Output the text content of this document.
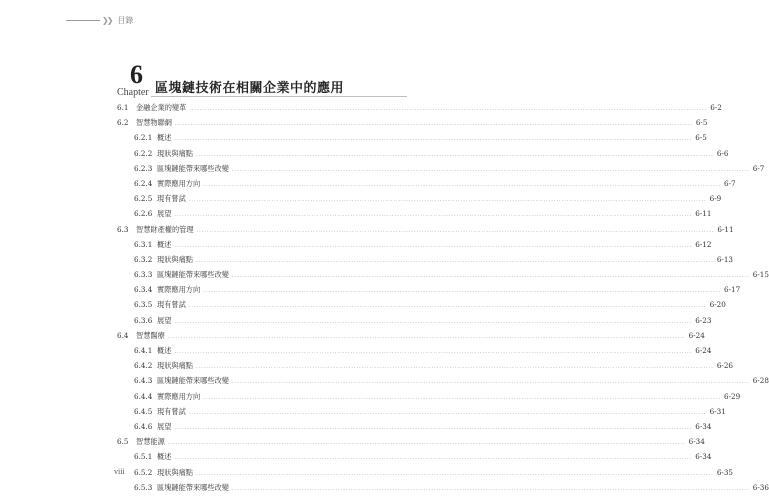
❯❯ 目錄
6
Chapter 區塊鏈技術在相關企業中的應用
6.1	金融企業的變革 ........................................................................................................................................................................................................ 6-2
6.2	智慧物聯網 ........................................................................................................................................................................................................ 6-5
6.2.1 概述 ........................................................................................................................................................................................................ 6-5
6.2.2 現狀與痛點 ........................................................................................................................................................................................................ 6-6
6.2.3 區塊鏈能帶來哪些改變 ........................................................................................................................................................................................................ 6-7
6.2.4 實際應用方向 ........................................................................................................................................................................................................ 6-7
6.2.5 現有嘗試 ........................................................................................................................................................................................................ 6-9
6.2.6 展望 ........................................................................................................................................................................................................ 6-11
6.3	智慧財產權的管理 ........................................................................................................................................................................................................ 6-11
6.3.1 概述 ........................................................................................................................................................................................................ 6-12
6.3.2 現狀與痛點 ........................................................................................................................................................................................................ 6-13
6.3.3 區塊鏈能帶來哪些改變 ........................................................................................................................................................................................................ 6-15
6.3.4 實際應用方向 ........................................................................................................................................................................................................ 6-17
6.3.5 現有嘗試 ........................................................................................................................................................................................................ 6-20
6.3.6 展望 ........................................................................................................................................................................................................ 6-23
6.4	智慧醫療 ........................................................................................................................................................................................................ 6-24
6.4.1 概述 ........................................................................................................................................................................................................ 6-24
6.4.2 現狀與痛點 ........................................................................................................................................................................................................ 6-26
6.4.3 區塊鏈能帶來哪些改變 ........................................................................................................................................................................................................ 6-28
6.4.4 實際應用方向 ........................................................................................................................................................................................................ 6-29
6.4.5 現有嘗試 ........................................................................................................................................................................................................ 6-31
6.4.6 展望 ........................................................................................................................................................................................................ 6-34
6.5	智慧能源 ........................................................................................................................................................................................................ 6-34
6.5.1 概述 ........................................................................................................................................................................................................ 6-34
6.5.2 現狀與痛點 ........................................................................................................................................................................................................ 6-35
6.5.3 區塊鏈能帶來哪些改變 ........................................................................................................................................................................................................ 6-36
viii
